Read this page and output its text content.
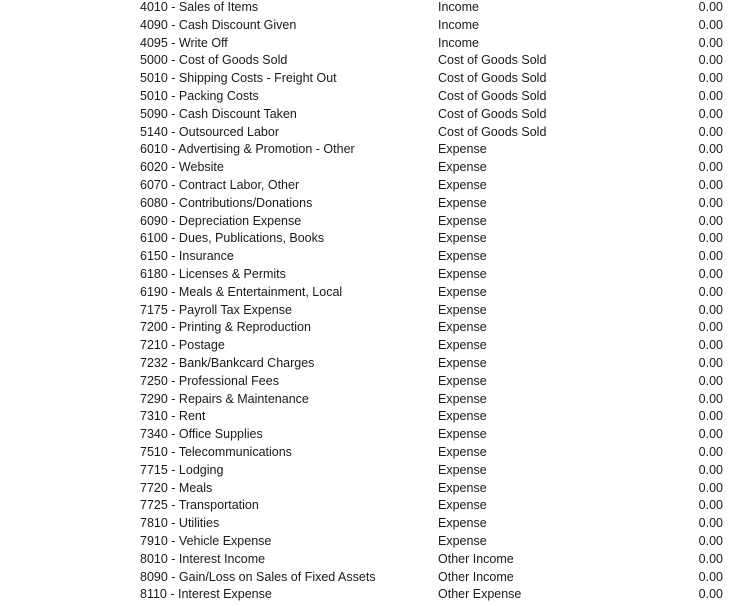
4010 - Sales of Items	Income	0.00
4090 - Cash Discount Given	Income	0.00
4095 - Write Off	Income	0.00
5000 - Cost of Goods Sold	Cost of Goods Sold	0.00
5010 - Shipping Costs - Freight Out	Cost of Goods Sold	0.00
5010 - Packing Costs	Cost of Goods Sold	0.00
5090 - Cash Discount Taken	Cost of Goods Sold	0.00
5140 - Outsourced Labor	Cost of Goods Sold	0.00
6010 - Advertising & Promotion - Other	Expense	0.00
6020 - Website	Expense	0.00
6070 - Contract Labor, Other	Expense	0.00
6080 - Contributions/Donations	Expense	0.00
6090 - Depreciation Expense	Expense	0.00
6100 - Dues, Publications, Books	Expense	0.00
6150 - Insurance	Expense	0.00
6180 - Licenses & Permits	Expense	0.00
6190 - Meals & Entertainment, Local	Expense	0.00
7175 - Payroll Tax Expense	Expense	0.00
7200 - Printing & Reproduction	Expense	0.00
7210 - Postage	Expense	0.00
7232 - Bank/Bankcard Charges	Expense	0.00
7250 - Professional Fees	Expense	0.00
7290 - Repairs & Maintenance	Expense	0.00
7310 - Rent	Expense	0.00
7340 - Office Supplies	Expense	0.00
7510 - Telecommunications	Expense	0.00
7715 - Lodging	Expense	0.00
7720 - Meals	Expense	0.00
7725 - Transportation	Expense	0.00
7810 - Utilities	Expense	0.00
7910 - Vehicle Expense	Expense	0.00
8010 - Interest Income	Other Income	0.00
8090 - Gain/Loss on Sales of Fixed Assets	Other Income	0.00
8110 - Interest Expense	Other Expense	0.00
